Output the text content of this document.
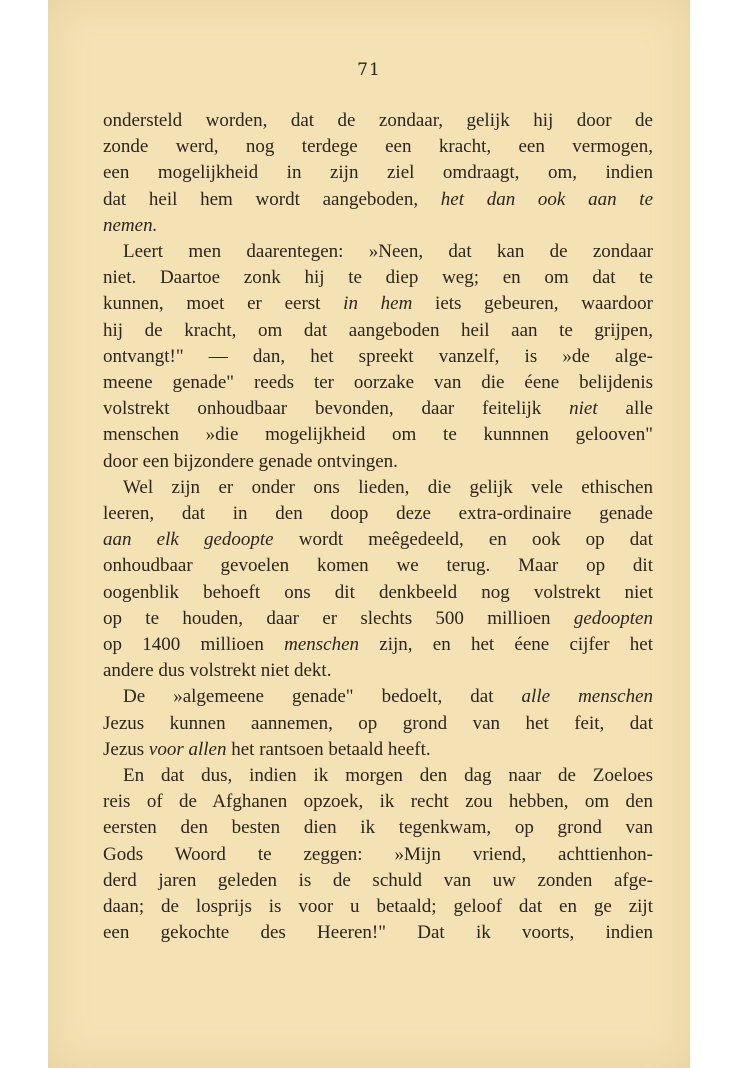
71
ondersteld worden, dat de zondaar, gelijk hij door de
zonde werd, nog terdege een kracht, een vermogen,
een mogelijkheid in zijn ziel omdraagt, om, indien
dat heil hem wordt aangeboden, het dan ook aan te
nemen.
Leert men daarentegen: »Neen, dat kan de zondaar
niet. Daartoe zonk hij te diep weg; en om dat te
kunnen, moet er eerst in hem iets gebeuren, waardoor
hij de kracht, om dat aangeboden heil aan te grijpen,
ontvangt!" — dan, het spreekt vanzelf, is »de alge-
meene genade" reeds ter oorzake van die éene belijdenis
volstrekt onhoudbaar bevonden, daar feitelijk niet alle
menschen »die mogelijkheid om te kunnnen gelooven"
door een bijzondere genade ontvingen.
Wel zijn er onder ons lieden, die gelijk vele ethischen
leeren, dat in den doop deze extra-ordinaire genade
aan elk gedoopte wordt meêgedeeld, en ook op dat
onhoudbaar gevoelen komen we terug. Maar op dit
oogenblik behoeft ons dit denkbeeld nog volstrekt niet
op te houden, daar er slechts 500 millioen gedoopten
op 1400 millioen menschen zijn, en het éene cijfer het
andere dus volstrekt niet dekt.
De »algemeene genade" bedoelt, dat alle menschen
Jezus kunnen aannemen, op grond van het feit, dat
Jezus voor allen het rantsoen betaald heeft.
En dat dus, indien ik morgen den dag naar de Zoeloes
reis of de Afghanen opzoek, ik recht zou hebben, om den
eersten den besten dien ik tegenkwam, op grond van
Gods Woord te zeggen: »Mijn vriend, achttienhon-
derd jaren geleden is de schuld van uw zonden afge-
daan; de losprijs is voor u betaald; geloof dat en ge zijt
een gekochte des Heeren!" Dat ik voorts, indien
